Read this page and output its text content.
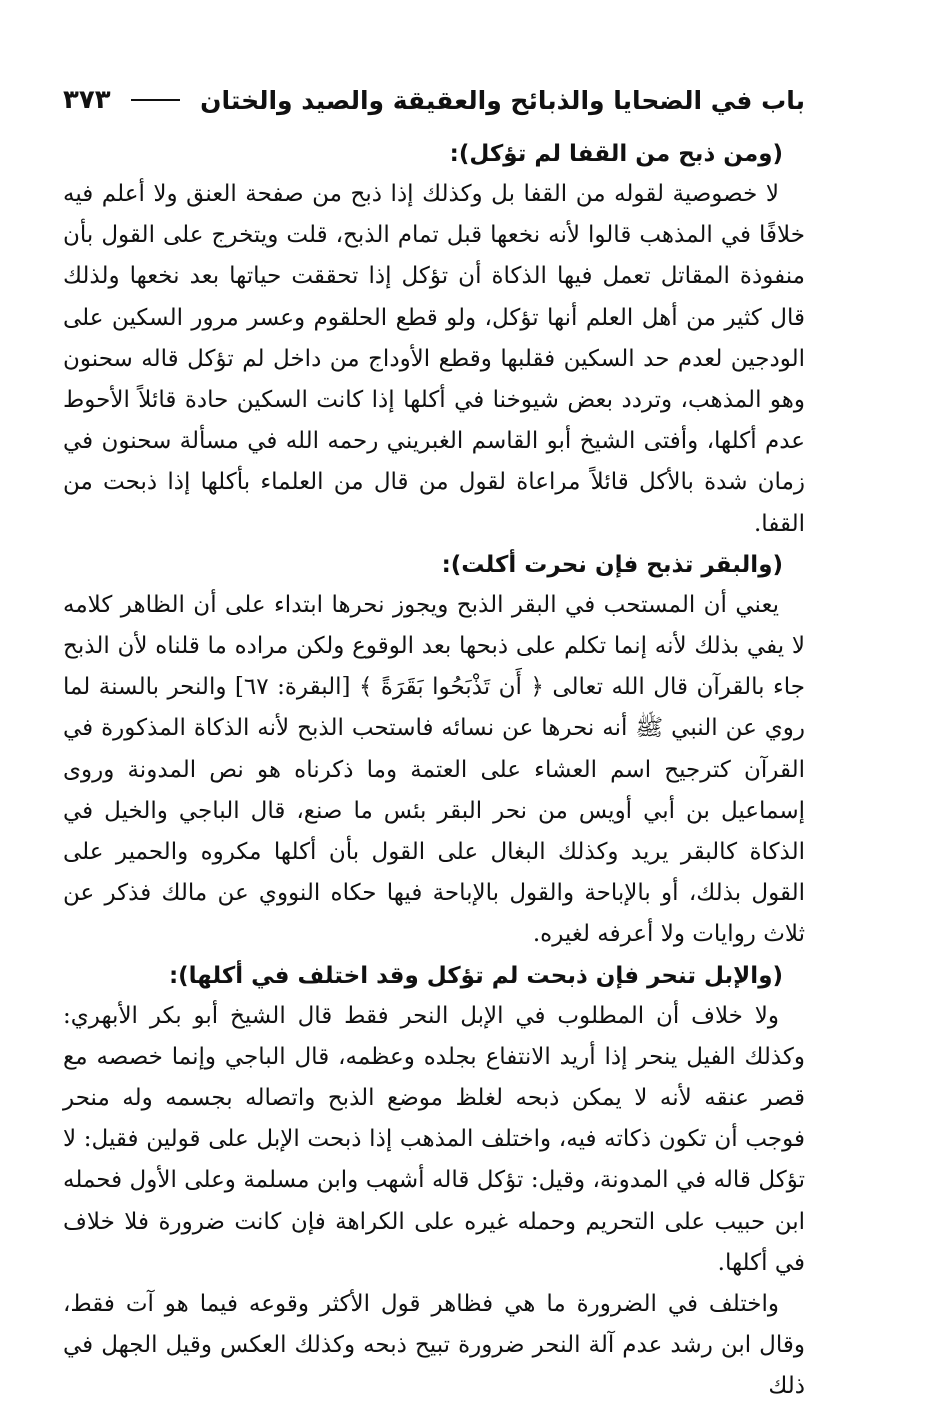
باب في الضحايا والذبائح والعقيقة والصيد والختان
٣٧٣
(ومن ذبح من القفا لم تؤكل):

لا خصوصية لقوله من القفا بل وكذلك إذا ذبح من صفحة العنق ولا أعلم فيه خلافًا في المذهب قالوا لأنه نخعها قبل تمام الذبح، قلت ويتخرج على القول بأن منفوذة المقاتل تعمل فيها الذكاة أن تؤكل إذا تحققت حياتها بعد نخعها ولذلك قال كثير من أهل العلم أنها تؤكل، ولو قطع الحلقوم وعسر مرور السكين على الودجين لعدم حد السكين فقلبها وقطع الأوداج من داخل لم تؤكل قاله سحنون وهو المذهب، وتردد بعض شيوخنا في أكلها إذا كانت السكين حادة قائلاً الأحوط عدم أكلها، وأفتى الشيخ أبو القاسم الغبريني رحمه الله في مسألة سحنون في زمان شدة بالأكل قائلاً مراعاة لقول من قال من العلماء بأكلها إذا ذبحت من القفا.

(والبقر تذبح فإن نحرت أكلت):

يعني أن المستحب في البقر الذبح ويجوز نحرها ابتداء على أن الظاهر كلامه لا يفي بذلك لأنه إنما تكلم على ذبحها بعد الوقوع ولكن مراده ما قلناه لأن الذبح جاء بالقرآن قال الله تعالى ﴿ أَن تَذْبَحُوا بَقَرَةً ﴾ [البقرة: ٦٧] والنحر بالسنة لما روي عن النبي ﷺ أنه نحرها عن نسائه فاستحب الذبح لأنه الذكاة المذكورة في القرآن كترجيح اسم العشاء على العتمة وما ذكرناه هو نص المدونة وروى إسماعيل بن أبي أويس من نحر البقر بئس ما صنع، قال الباجي والخيل في الذكاة كالبقر يريد وكذلك البغال على القول بأن أكلها مكروه والحمير على القول بذلك، أو بالإباحة والقول بالإباحة فيها حكاه النووي عن مالك فذكر عن ثلاث روايات ولا أعرفه لغيره.

(والإبل تنحر فإن ذبحت لم تؤكل وقد اختلف في أكلها):

ولا خلاف أن المطلوب في الإبل النحر فقط قال الشيخ أبو بكر الأبهري: وكذلك الفيل ينحر إذا أريد الانتفاع بجلده وعظمه، قال الباجي وإنما خصصه مع قصر عنقه لأنه لا يمكن ذبحه لغلظ موضع الذبح واتصاله بجسمه وله منحر فوجب أن تكون ذكاته فيه، واختلف المذهب إذا ذبحت الإبل على قولين فقيل: لا تؤكل قاله في المدونة، وقيل: تؤكل قاله أشهب وابن مسلمة وعلى الأول فحمله ابن حبيب على التحريم وحمله غيره على الكراهة فإن كانت ضرورة فلا خلاف في أكلها.

واختلف في الضرورة ما هي فظاهر قول الأكثر وقوعه فيما هو آت فقط، وقال ابن رشد عدم آلة النحر ضرورة تبيح ذبحه وكذلك العكس وقيل الجهل في ذلك
